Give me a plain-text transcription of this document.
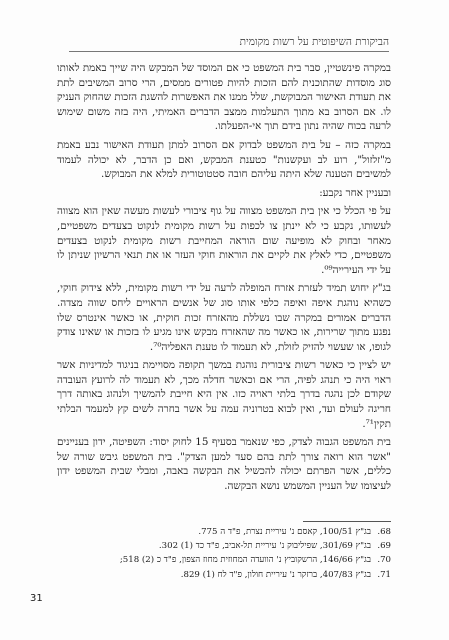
הביקורת השיפוטית על רשות מקומית

במקרה פינשטיין, סבר בית המשפט כי אם המוסד של המבקש היה שייך באמת לאותו סוג מוסדות שהתוכנית להם הזכות להיות פטורים ממסים, הרי סרוב המשיבים לתת את תעודת האישור המבוקשת, שלל ממנו את האפשרות להשגת הזכות שהחוק העניק לו. אם הסרוב בא מתוך התעלמות ממצב הדברים האמיתי, היה בזה משום שימוש לרעה בכוח שהיה נתון בידם תוך אי-הפעלתו.

במקרה כזה – על בית המשפט לבדוק אם הסרוב למתן תעודת האישור נבע באמת מ"זלזול", רוע לב ועקשנות" כטענת המבקש, ואם כן הדבר, לא יכולה לעמוד למשיבים הטענה שלא היתה עליהם חובה סטטוטורית למלא את המבוקש.

ובעניין אחר נקבע:

על פי הכלל כי אין בית המשפט מצווה על גוף ציבורי לעשות מעשה שאין הוא מצווה לעשותו, נקבע כי לא יינתן צו לכפות על רשות מקומית לנקוט בצעדים משפטיים, מאחר ובחוק לא מופיעה שום הוראה המחייבת רשות מקומית לנקוט בצעדים משפטיים, כדי לאלץ את לקיים את הוראות חוקי העזר או את תנאי הרשיון שניתן לו על ידי העירייה⁰⁹.

בג"ץ יחוש תמיד לעזרת אזרח המופלה לרעה על ידי רשות מקומית, ללא צידוק חוקי, כשהיא נוהגת איפה ואיפה כלפי אותו סוג של אנשים הראויים ליחס שווה מצדה. הדברים אמורים במקרה שבו נשללת מהאזרח זכות חוקית, או כאשר אינטרס שלו נפגע מתוך שרירות, או כאשר מה שהאזרח מבקש אינו מגיע לו בזכות או שאינו צודק לגופו, או שעשוי להזיק לזולת, לא תעמוד לו טענת האפליה⁷⁰.

יש לציין כי כאשר רשות ציבורית נוהגת במשך תקופה מסויימת בניגוד למדיניות אשר ראוי היה כי תנהג לפיה, הרי אם וכאשר חדלה מכך, לא תעמוד לה לרועץ העובדה שקודם לכן נהגה בדרך בלתי ראויה כזו. אין היא חייבת להמשיך ולנהוג באותה דרך חריגה לעולם ועד, ואין לבוא בטרוניה עמה על אשר בחרה לשים קץ למעמד הבלתי תקין⁷¹.

בית המשפט הגבוה לצדק, כפי שנאמר בסעיף 15 לחוק יסוד: השפיטה, ידון בעניינים "אשר הוא רואה צורך לתת בהם סעד למען הצדק". בית המשפט גיבש שורה של כללים, אשר הפרתם יכולה להכשיל את הבקשה באבה, ומבלי שבית המשפט ידון לעיצומו של העניין המשמש נושא הבקשה.

68.
בג"ץ 100/51, קאסם נ' עיריית נצרת, פ"ד ה 775.
69.
בג"ץ 301/69, שפיליבוק נ' עיריית תל-אביב, פ"ד כד (1) 302.
70.
בג"ץ 146/66, הרשקוביץ נ' הוועדה המחוזית מחוז הצפון, פ"ד כ (2) 518;
71.
בג"ץ 407/83, ברזקר נ' עיריית חולון, פ"ד לח (1) 829.
31
